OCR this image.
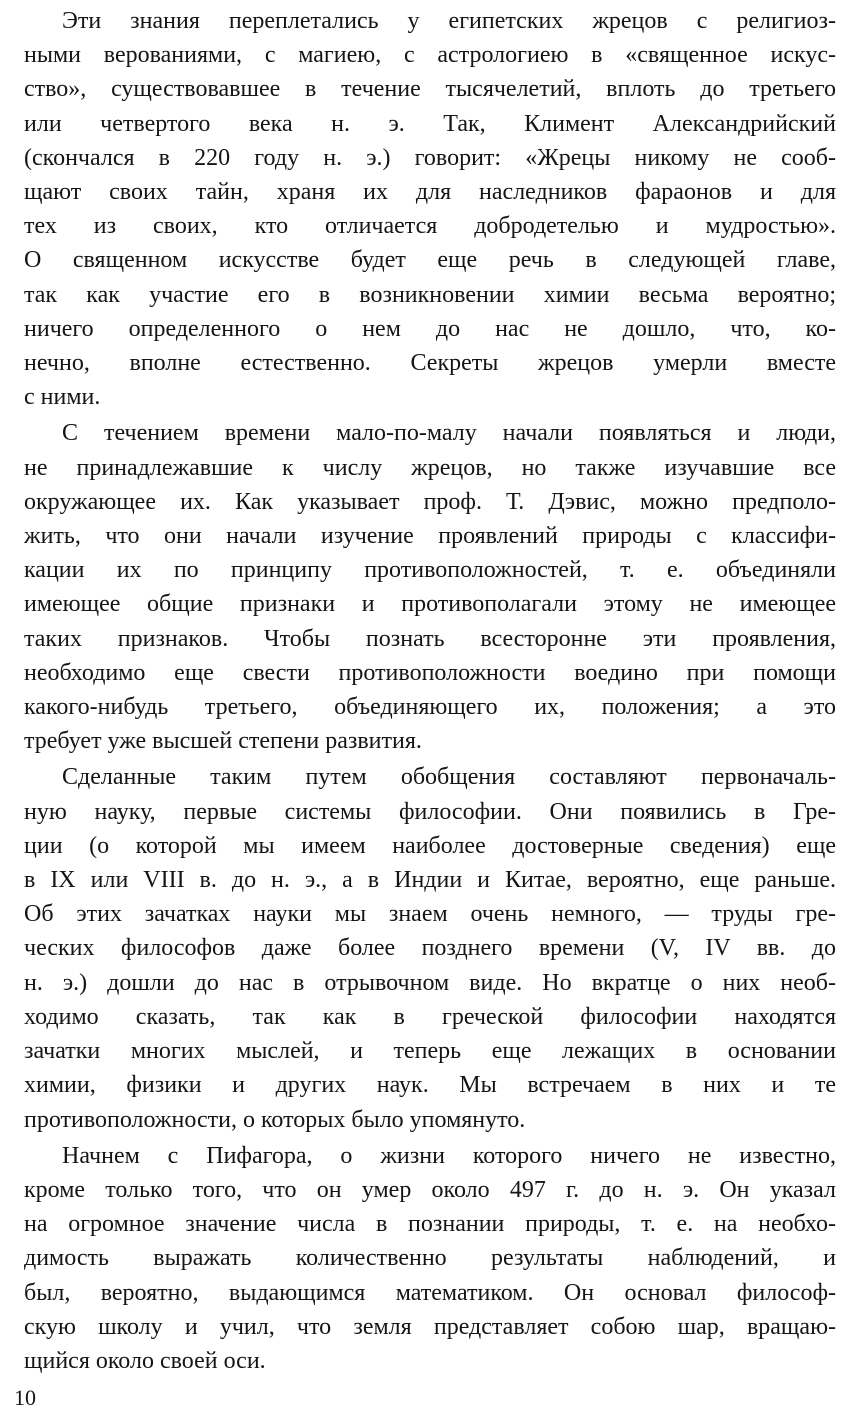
Эти знания переплетались у египетских жрецов с религиоз-
ными верованиями, с магиею, с астрологиею в «священное искус-
ство», существовавшее в течение тысячелетий, вплоть до третьего
или четвертого века н. э. Так, Климент Александрийский
(скончался в 220 году н. э.) говорит: «Жрецы никому не сооб-
щают своих тайн, храня их для наследников фараонов и для
тех из своих, кто отличается добродетелью и мудростью».
О священном искусстве будет еще речь в следующей главе,
так как участие его в возникновении химии весьма вероятно;
ничего определенного о нем до нас не дошло, что, ко-
нечно, вполне естественно. Секреты жрецов умерли вместе
с ними.
С течением времени мало-по-малу начали появляться и люди,
не принадлежавшие к числу жрецов, но также изучавшие все
окружающее их. Как указывает проф. Т. Дэвис, можно предполо-
жить, что они начали изучение проявлений природы с классифи-
кации их по принципу противоположностей, т. е. объединяли
имеющее общие признаки и противополагали этому не имеющее
таких признаков. Чтобы познать всесторонне эти проявления,
необходимо еще свести противоположности воедино при помощи
какого-нибудь третьего, объединяющего их, положения; а это
требует уже высшей степени развития.
Сделанные таким путем обобщения составляют первоначаль-
ную науку, первые системы философии. Они появились в Гре-
ции (о которой мы имеем наиболее достоверные сведения) еще
в IX или VIII в. до н. э., а в Индии и Китае, вероятно, еще раньше.
Об этих зачатках науки мы знаем очень немного, — труды гре-
ческих философов даже более позднего времени (V, IV вв. до
н. э.) дошли до нас в отрывочном виде. Но вкратце о них необ-
ходимо сказать, так как в греческой философии находятся
зачатки многих мыслей, и теперь еще лежащих в основании
химии, физики и других наук. Мы встречаем в них и те
противоположности, о которых было упомянуто.
Начнем с Пифагора, о жизни которого ничего не известно,
кроме только того, что он умер около 497 г. до н. э. Он указал
на огромное значение числа в познании природы, т. е. на необхо-
димость выражать количественно результаты наблюдений, и
был, вероятно, выдающимся математиком. Он основал философ-
скую школу и учил, что земля представляет собою шар, вращаю-
щийся около своей оси.
10
